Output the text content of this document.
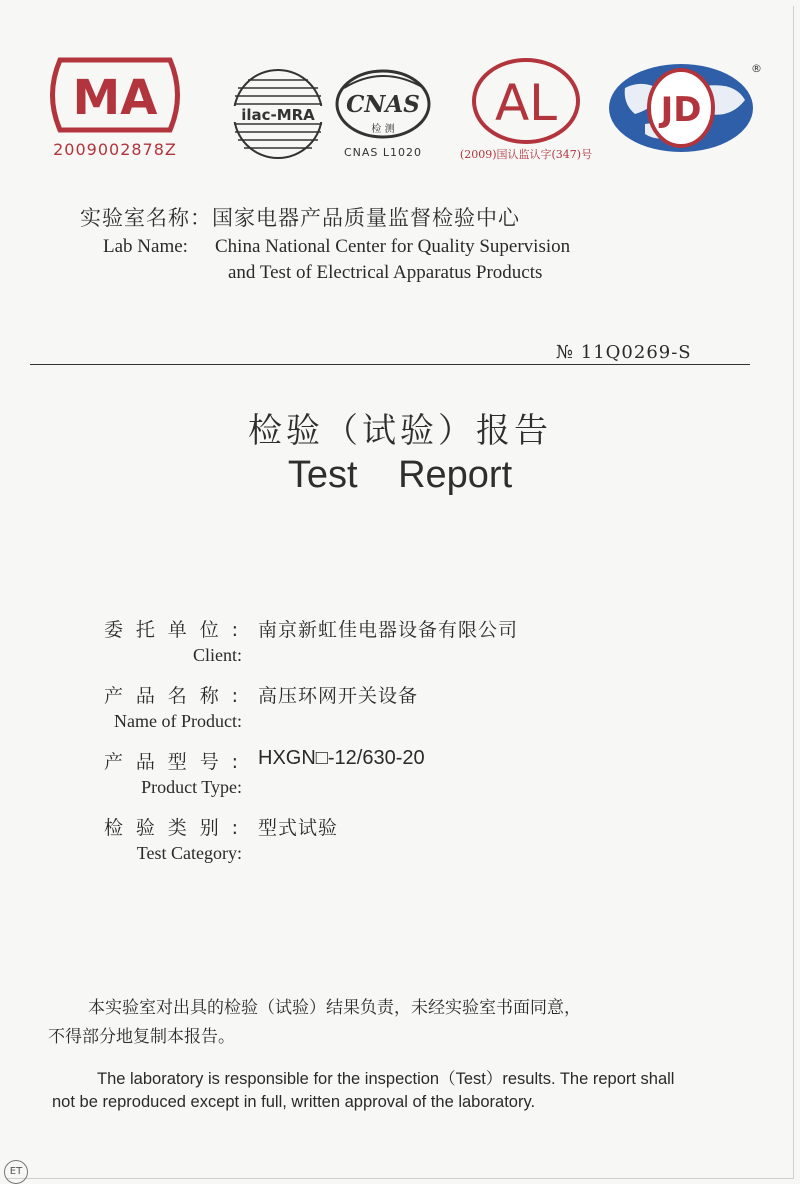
MA
2009002878Z
ilac-MRA CNAS
检 测
CNAS L1020
AL
(2009)国认监认字(347)号
JD
®
实验室名称：国家电器产品质量监督检验中心
Lab Name: China National Center for Quality Supervision
and Test of Electrical Apparatus Products
№ 11Q0269-S
检验（试验）报告
Test Report
委托单位: 南京新虹佳电器设备有限公司
Client:
产品名称: 高压环网开关设备
Name of Product:
产品型号: HXGN□-12/630-20
Product Type:
检验类别: 型式试验
Test Category:
本实验室对出具的检验（试验）结果负责，未经实验室书面同意，
不得部分地复制本报告。
The laboratory is responsible for the inspection（Test）results. The report shall
not be reproduced except in full, written approval of the laboratory.
ET
